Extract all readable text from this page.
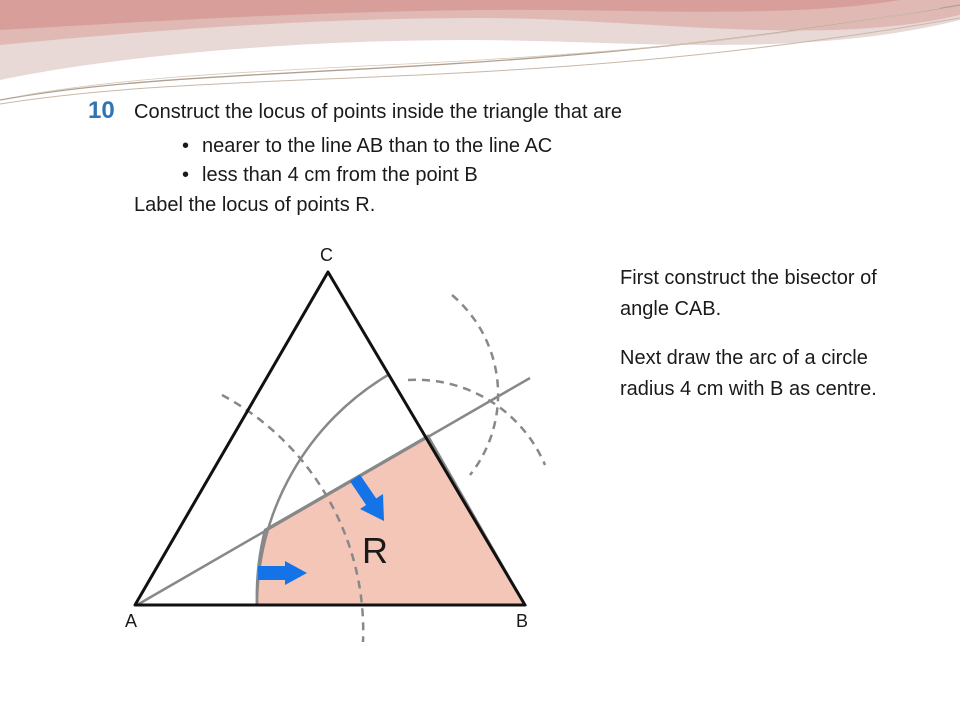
10 Construct the locus of points inside the triangle that are
• nearer to the line AB than to the line AC
• less than 4 cm from the point B
Label the locus of points R.
C
A	B
R
First construct the bisector of angle CAB.
Next draw the arc of a circle radius 4 cm with B as centre.
